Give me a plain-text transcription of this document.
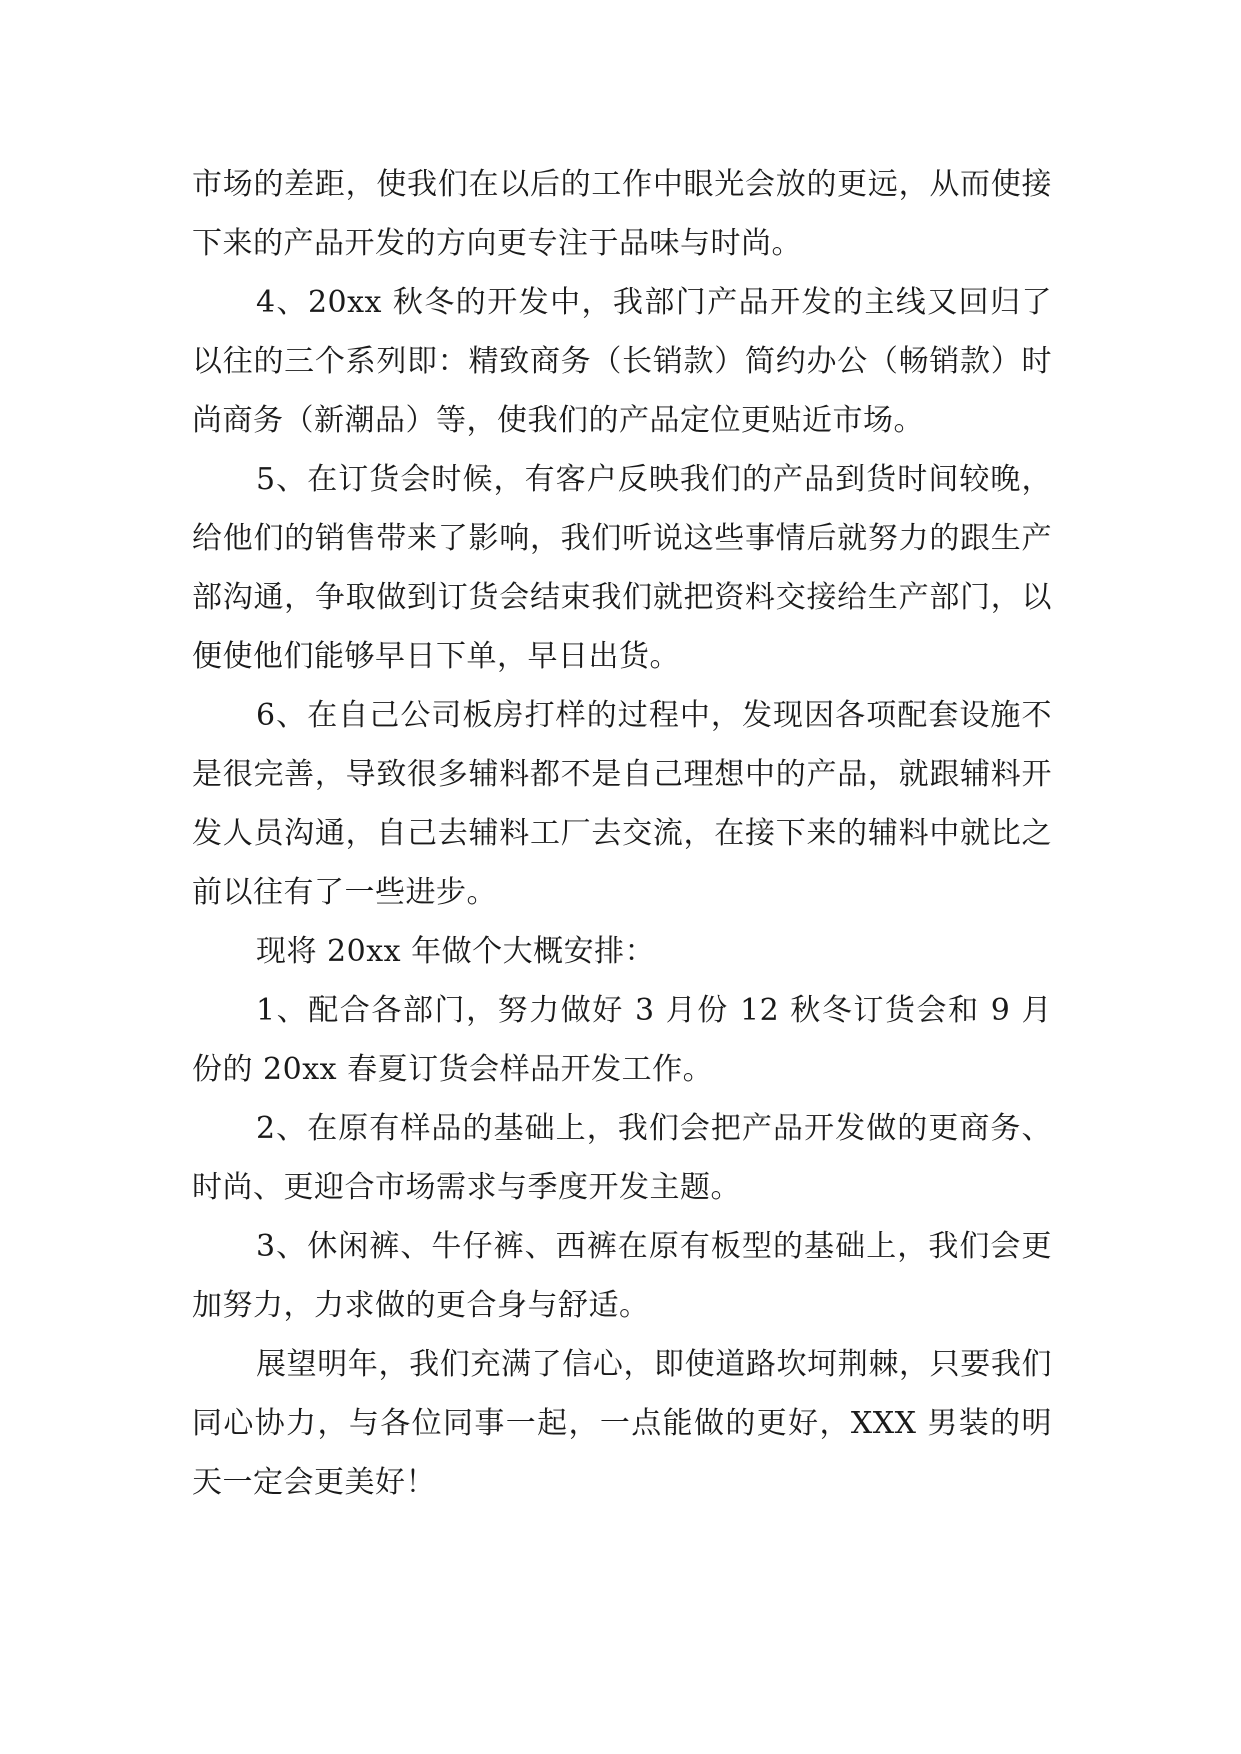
市场的差距，使我们在以后的工作中眼光会放的更远，从而使接下来的产品开发的方向更专注于品味与时尚。

4、20xx 秋冬的开发中，我部门产品开发的主线又回归了以往的三个系列即：精致商务（长销款）简约办公（畅销款）时尚商务（新潮品）等，使我们的产品定位更贴近市场。

5、在订货会时候，有客户反映我们的产品到货时间较晚，给他们的销售带来了影响，我们听说这些事情后就努力的跟生产部沟通，争取做到订货会结束我们就把资料交接给生产部门，以便使他们能够早日下单，早日出货。

6、在自己公司板房打样的过程中，发现因各项配套设施不是很完善，导致很多辅料都不是自己理想中的产品，就跟辅料开发人员沟通，自己去辅料工厂去交流，在接下来的辅料中就比之前以往有了一些进步。

现将 20xx 年做个大概安排：

1、配合各部门，努力做好 3 月份 12 秋冬订货会和 9 月份的 20xx 春夏订货会样品开发工作。

2、在原有样品的基础上，我们会把产品开发做的更商务、时尚、更迎合市场需求与季度开发主题。

3、休闲裤、牛仔裤、西裤在原有板型的基础上，我们会更加努力，力求做的更合身与舒适。

展望明年，我们充满了信心，即使道路坎坷荆棘，只要我们同心协力，与各位同事一起，一点能做的更好，XXX 男装的明天一定会更美好！
